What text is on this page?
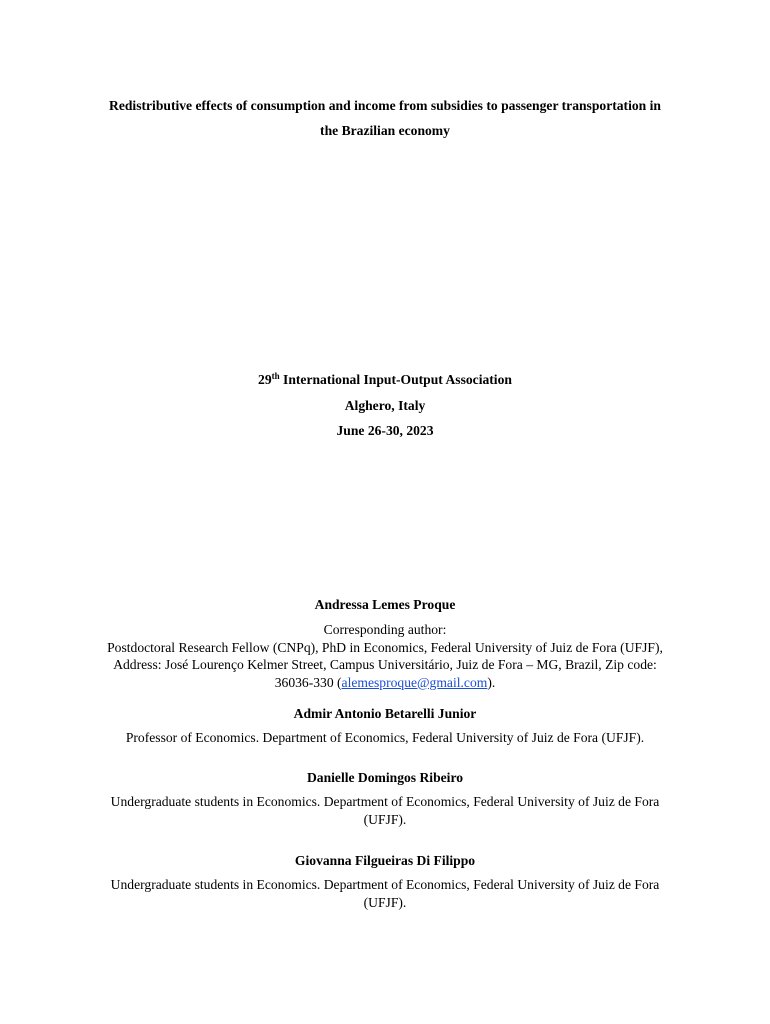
Redistributive effects of consumption and income from subsidies to passenger transportation in
the Brazilian economy
29th International Input-Output Association
Alghero, Italy
June 26-30, 2023
Andressa Lemes Proque
Corresponding author:
Postdoctoral Research Fellow (CNPq), PhD in Economics, Federal University of Juiz de Fora (UFJF),
Address: José Lourenço Kelmer Street, Campus Universitário, Juiz de Fora – MG, Brazil, Zip code:
36036-330 (alemesproque@gmail.com).
Admir Antonio Betarelli Junior
Professor of Economics. Department of Economics, Federal University of Juiz de Fora (UFJF).
Danielle Domingos Ribeiro
Undergraduate students in Economics. Department of Economics, Federal University of Juiz de Fora
(UFJF).
Giovanna Filgueiras Di Filippo
Undergraduate students in Economics. Department of Economics, Federal University of Juiz de Fora
(UFJF).
